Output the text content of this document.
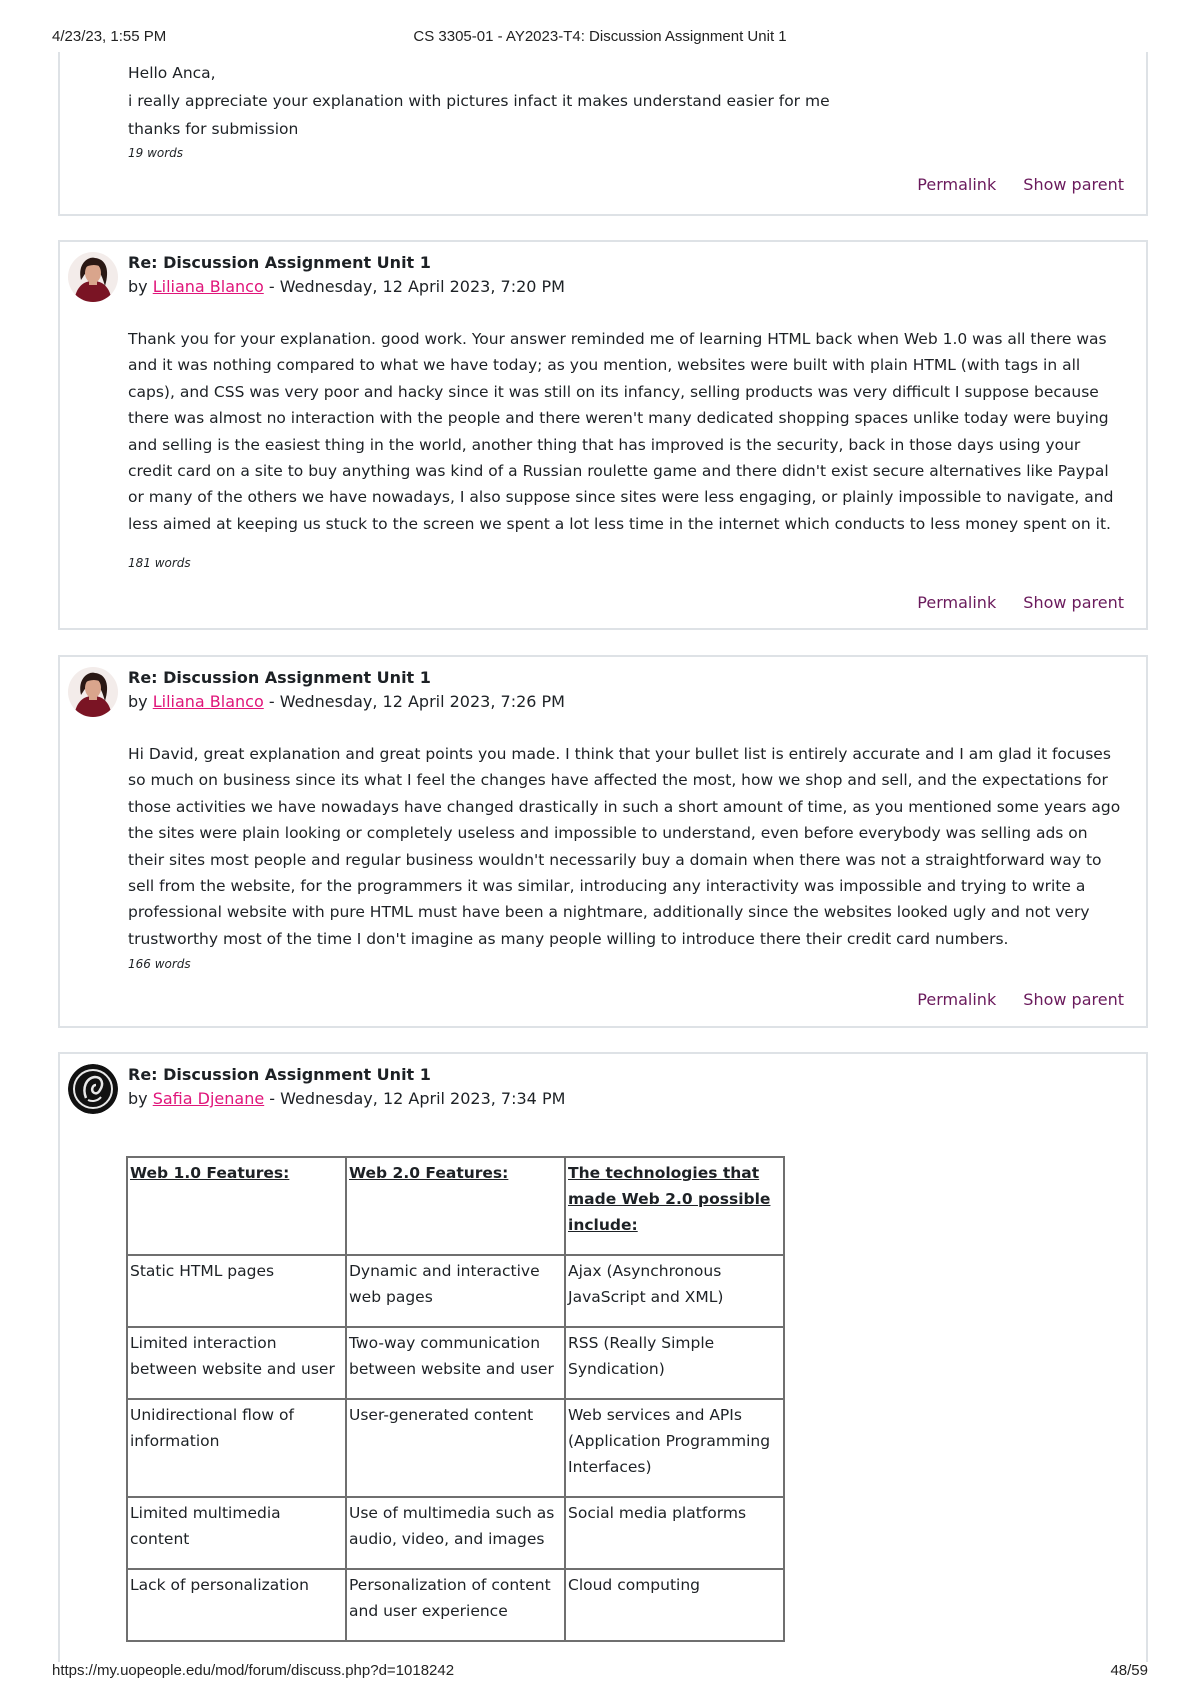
4/23/23, 1:55 PM	CS 3305-01 - AY2023-T4: Discussion Assignment Unit 1

Hello Anca,

i really appreciate your explanation with pictures infact it makes understand easier for me

thanks for submission

19 words
Permalink Show parent
Re: Discussion Assignment Unit 1
by Liliana Blanco - Wednesday, 12 April 2023, 7:20 PM

Thank you for your explanation. good work. Your answer reminded me of learning HTML back when Web 1.0 was all there was and it was nothing compared to what we have today; as you mention, websites were built with plain HTML (with tags in all caps), and CSS was very poor and hacky since it was still on its infancy, selling products was very difficult I suppose because there was almost no interaction with the people and there weren't many dedicated shopping spaces unlike today were buying and selling is the easiest thing in the world, another thing that has improved is the security, back in those days using your credit card on a site to buy anything was kind of a Russian roulette game and there didn't exist secure alternatives like Paypal or many of the others we have nowadays, I also suppose since sites were less engaging, or plainly impossible to navigate, and less aimed at keeping us stuck to the screen we spent a lot less time in the internet which conducts to less money spent on it.

181 words
Permalink Show parent
Re: Discussion Assignment Unit 1
by Liliana Blanco - Wednesday, 12 April 2023, 7:26 PM

Hi David, great explanation and great points you made. I think that your bullet list is entirely accurate and I am glad it focuses so much on business since its what I feel the changes have affected the most, how we shop and sell, and the expectations for those activities we have nowadays have changed drastically in such a short amount of time, as you mentioned some years ago the sites were plain looking or completely useless and impossible to understand, even before everybody was selling ads on their sites most people and regular business wouldn't necessarily buy a domain when there was not a straightforward way to sell from the website, for the programmers it was similar, introducing any interactivity was impossible and trying to write a professional website with pure HTML must have been a nightmare, additionally since the websites looked ugly and not very trustworthy most of the time I don't imagine as many people willing to introduce there their credit card numbers.

166 words
Permalink Show parent
Re: Discussion Assignment Unit 1
by Safia Djenane - Wednesday, 12 April 2023, 7:34 PM
Web 1.0 Features:	Web 2.0 Features:	The technologies that made Web 2.0 possible include:
Static HTML pages	Dynamic and interactive web pages	Ajax (Asynchronous JavaScript and XML)
Limited interaction between website and user	Two-way communication between website and user	RSS (Really Simple Syndication)
Unidirectional flow of information	User-generated content	Web services and APIs (Application Programming Interfaces)
Limited multimedia content	Use of multimedia such as audio, video, and images	Social media platforms
Lack of personalization	Personalization of content and user experience	Cloud computing
https://my.uopeople.edu/mod/forum/discuss.php?d=1018242	48/59
